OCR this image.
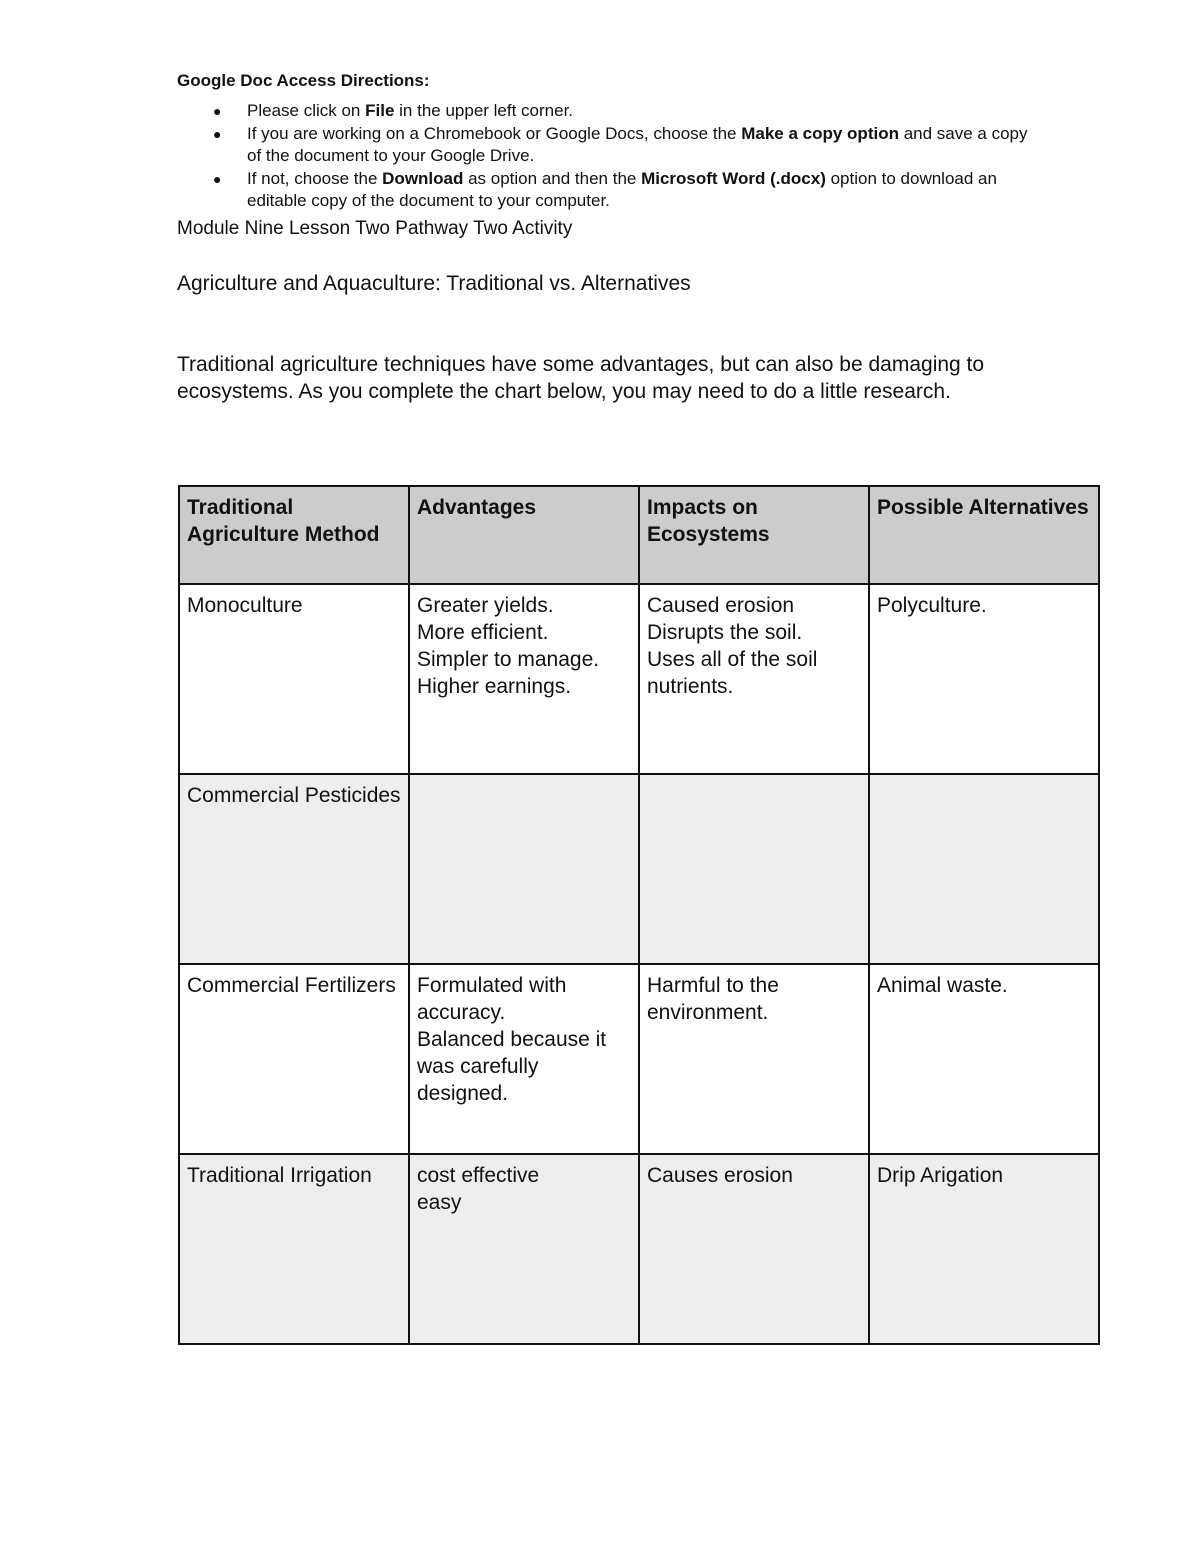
Google Doc Access Directions:

● Please click on File in the upper left corner.
● If you are working on a Chromebook or Google Docs, choose the Make a copy option and save a copy of the document to your Google Drive.
● If not, choose the Download as option and then the Microsoft Word (.docx) option to download an editable copy of the document to your computer.

Module Nine Lesson Two Pathway Two Activity

Agriculture and Aquaculture: Traditional vs. Alternatives

Traditional agriculture techniques have some advantages, but can also be damaging to ecosystems. As you complete the chart below, you may need to do a little research.

Traditional Agriculture Method	Advantages	Impacts on Ecosystems	Possible Alternatives

Monoculture	Greater yields.
More efficient.
Simpler to manage.
Higher earnings.	Caused erosion
Disrupts the soil.
Uses all of the soil nutrients.	Polyculture.

Commercial Pesticides			

Commercial Fertilizers	Formulated with accuracy.
Balanced because it was carefully designed.	Harmful to the environment.	Animal waste.

Traditional Irrigation	cost effective
easy	Causes erosion	Drip Arigation
